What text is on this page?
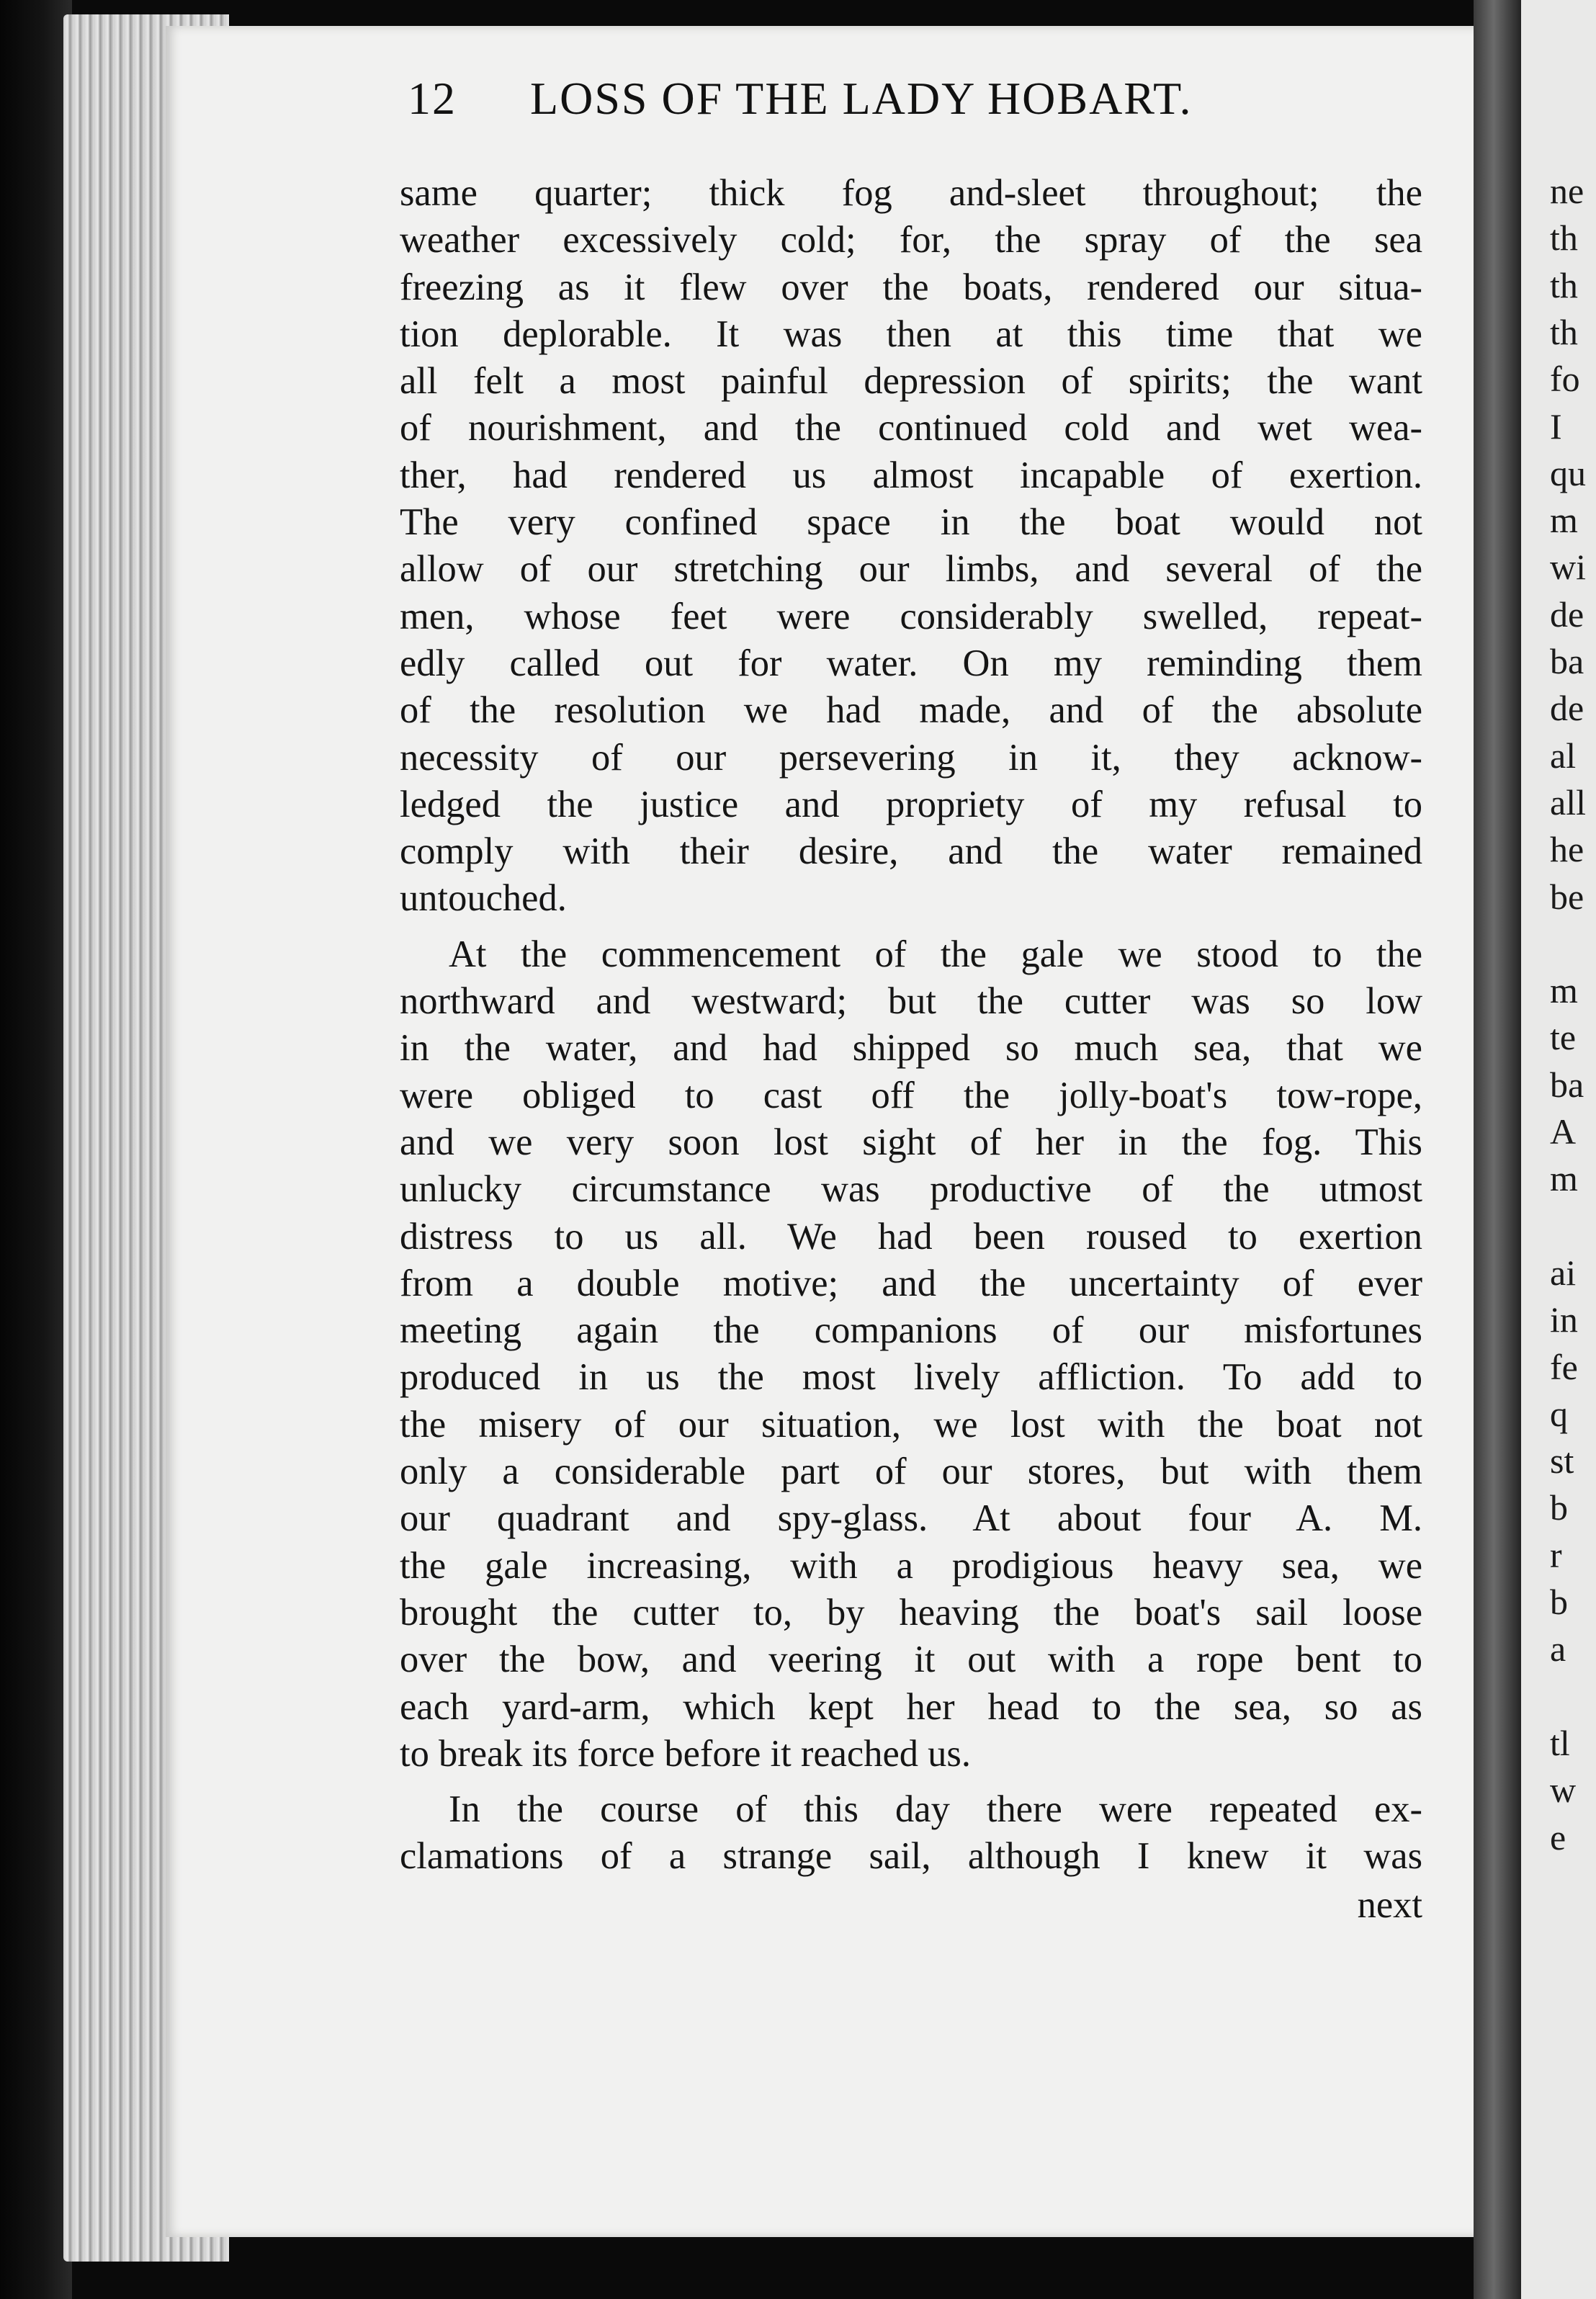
ne
th
th
th
fo
I
qu
m
wi
de
ba
de
al
all
he
be
m
te
ba
A
m
ai
in
fe
q
st
b
r
b
a
tl
w
e
12 LOSS OF THE LADY HOBART.

same quarter; thick fog and-sleet throughout; the

weather excessively cold; for, the spray of the sea

freezing as it flew over the boats, rendered our situa-

tion deplorable. It was then at this time that we

all felt a most painful depression of spirits; the want

of nourishment, and the continued cold and wet wea-

ther, had rendered us almost incapable of exertion.

The very confined space in the boat would not

allow of our stretching our limbs, and several of the

men, whose feet were considerably swelled, repeat-

edly called out for water. On my reminding them

of the resolution we had made, and of the absolute

necessity of our persevering in it, they acknow-

ledged the justice and propriety of my refusal to

comply with their desire, and the water remained

untouched.

At the commencement of the gale we stood to the

northward and westward; but the cutter was so low

in the water, and had shipped so much sea, that we

were obliged to cast off the jolly-boat's tow-rope,

and we very soon lost sight of her in the fog. This

unlucky circumstance was productive of the utmost

distress to us all. We had been roused to exertion

from a double motive; and the uncertainty of ever

meeting again the companions of our misfortunes

produced in us the most lively affliction. To add to

the misery of our situation, we lost with the boat not

only a considerable part of our stores, but with them

our quadrant and spy-glass. At about four A. M.

the gale increasing, with a prodigious heavy sea, we

brought the cutter to, by heaving the boat's sail loose

over the bow, and veering it out with a rope bent to

each yard-arm, which kept her head to the sea, so as

to break its force before it reached us.

In the course of this day there were repeated ex-

clamations of a strange sail, although I knew it was

next
